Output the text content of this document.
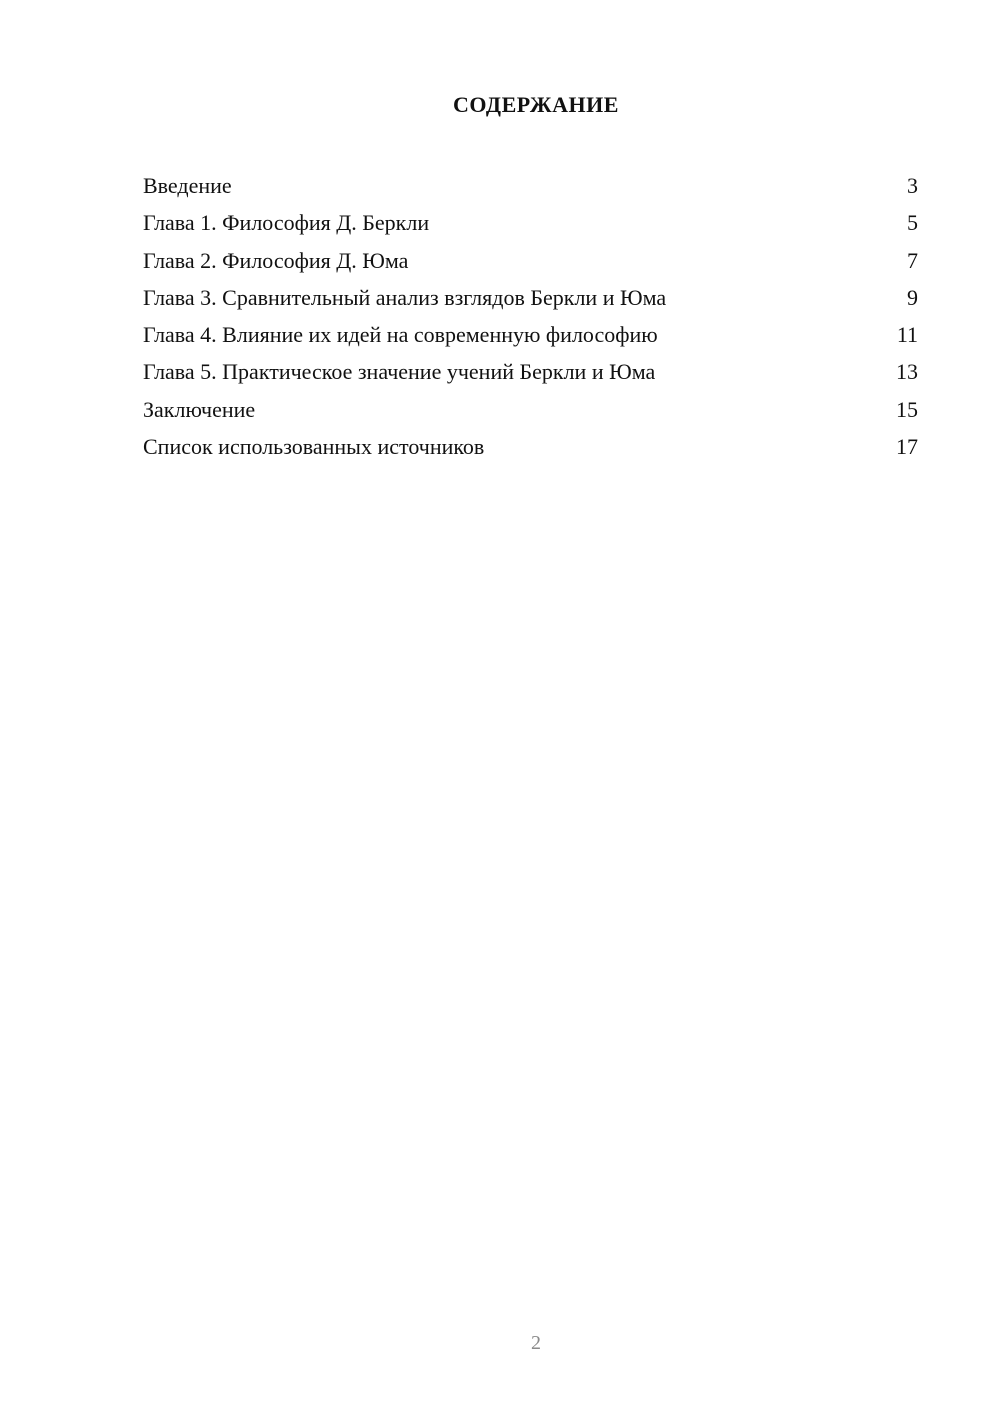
СОДЕРЖАНИЕ
Введение	3
Глава 1. Философия Д. Беркли	5
Глава 2. Философия Д. Юма	7
Глава 3. Сравнительный анализ взглядов Беркли и Юма	9
Глава 4. Влияние их идей на современную философию	11
Глава 5. Практическое значение учений Беркли и Юма	13
Заключение	15
Список использованных источников	17
2
